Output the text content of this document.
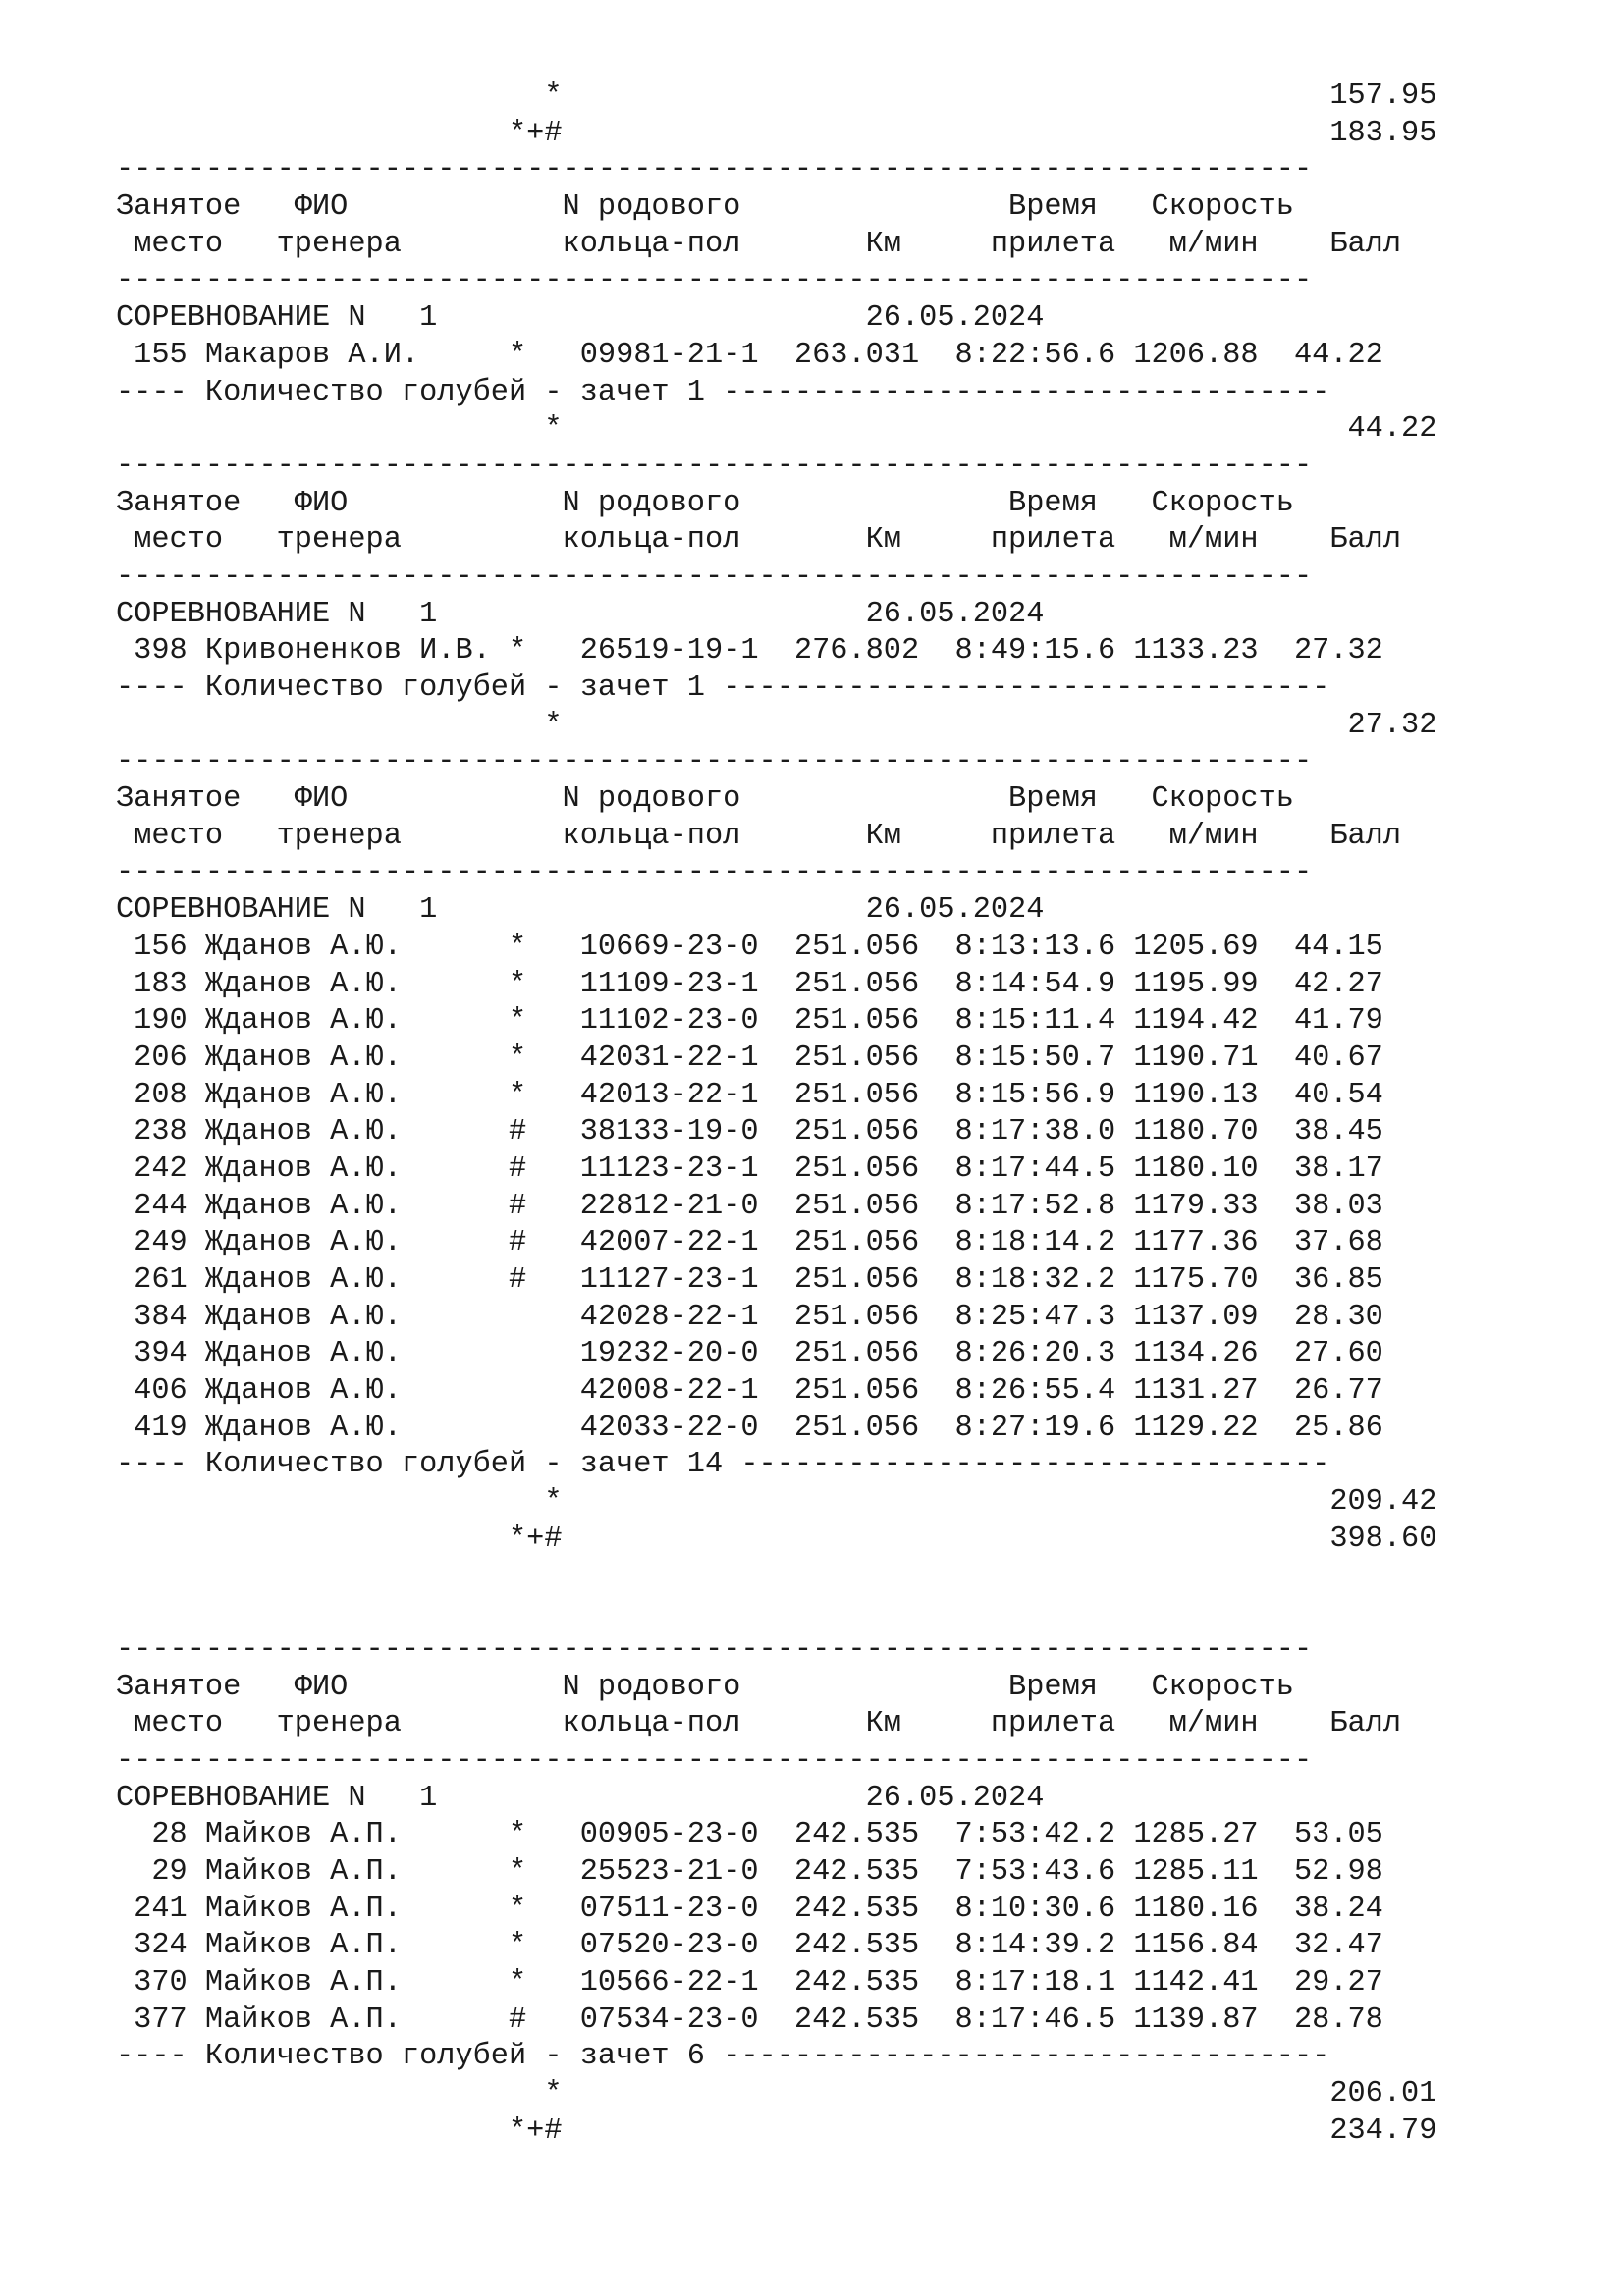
*                                           157.95
*+#                                           183.95
-------------------------------------------------------------------
Занятое   ФИО            N родового               Время   Скорость
место   тренера         кольца-пол       Км     прилета   м/мин    Балл
-------------------------------------------------------------------
СОРЕВНОВАНИЕ N   1                        26.05.2024
155 Макаров А.И.     *   09981-21-1  263.031  8:22:56.6 1206.88  44.22
---- Количество голубей - зачет 1 ----------------------------------
*                                            44.22
-------------------------------------------------------------------
Занятое   ФИО            N родового               Время   Скорость
место   тренера         кольца-пол       Км     прилета   м/мин    Балл
-------------------------------------------------------------------
СОРЕВНОВАНИЕ N   1                        26.05.2024
398 Кривоненков И.В. *   26519-19-1  276.802  8:49:15.6 1133.23  27.32
---- Количество голубей - зачет 1 ----------------------------------
*                                            27.32
-------------------------------------------------------------------
Занятое   ФИО            N родового               Время   Скорость
место   тренера         кольца-пол       Км     прилета   м/мин    Балл
-------------------------------------------------------------------
СОРЕВНОВАНИЕ N   1                        26.05.2024
156 Жданов А.Ю.      *   10669-23-0  251.056  8:13:13.6 1205.69  44.15
183 Жданов А.Ю.      *   11109-23-1  251.056  8:14:54.9 1195.99  42.27
190 Жданов А.Ю.      *   11102-23-0  251.056  8:15:11.4 1194.42  41.79
206 Жданов А.Ю.      *   42031-22-1  251.056  8:15:50.7 1190.71  40.67
208 Жданов А.Ю.      *   42013-22-1  251.056  8:15:56.9 1190.13  40.54
238 Жданов А.Ю.      #   38133-19-0  251.056  8:17:38.0 1180.70  38.45
242 Жданов А.Ю.      #   11123-23-1  251.056  8:17:44.5 1180.10  38.17
244 Жданов А.Ю.      #   22812-21-0  251.056  8:17:52.8 1179.33  38.03
249 Жданов А.Ю.      #   42007-22-1  251.056  8:18:14.2 1177.36  37.68
261 Жданов А.Ю.      #   11127-23-1  251.056  8:18:32.2 1175.70  36.85
384 Жданов А.Ю.          42028-22-1  251.056  8:25:47.3 1137.09  28.30
394 Жданов А.Ю.          19232-20-0  251.056  8:26:20.3 1134.26  27.60
406 Жданов А.Ю.          42008-22-1  251.056  8:26:55.4 1131.27  26.77
419 Жданов А.Ю.          42033-22-0  251.056  8:27:19.6 1129.22  25.86
---- Количество голубей - зачет 14 ---------------------------------
*                                           209.42
*+#                                           398.60
-------------------------------------------------------------------
Занятое   ФИО            N родового               Время   Скорость
место   тренера         кольца-пол       Км     прилета   м/мин    Балл
-------------------------------------------------------------------
СОРЕВНОВАНИЕ N   1                        26.05.2024
28 Майков А.П.      *   00905-23-0  242.535  7:53:42.2 1285.27  53.05
29 Майков А.П.      *   25523-21-0  242.535  7:53:43.6 1285.11  52.98
241 Майков А.П.      *   07511-23-0  242.535  8:10:30.6 1180.16  38.24
324 Майков А.П.      *   07520-23-0  242.535  8:14:39.2 1156.84  32.47
370 Майков А.П.      *   10566-22-1  242.535  8:17:18.1 1142.41  29.27
377 Майков А.П.      #   07534-23-0  242.535  8:17:46.5 1139.87  28.78
---- Количество голубей - зачет 6 ----------------------------------
*                                           206.01
*+#                                           234.79
